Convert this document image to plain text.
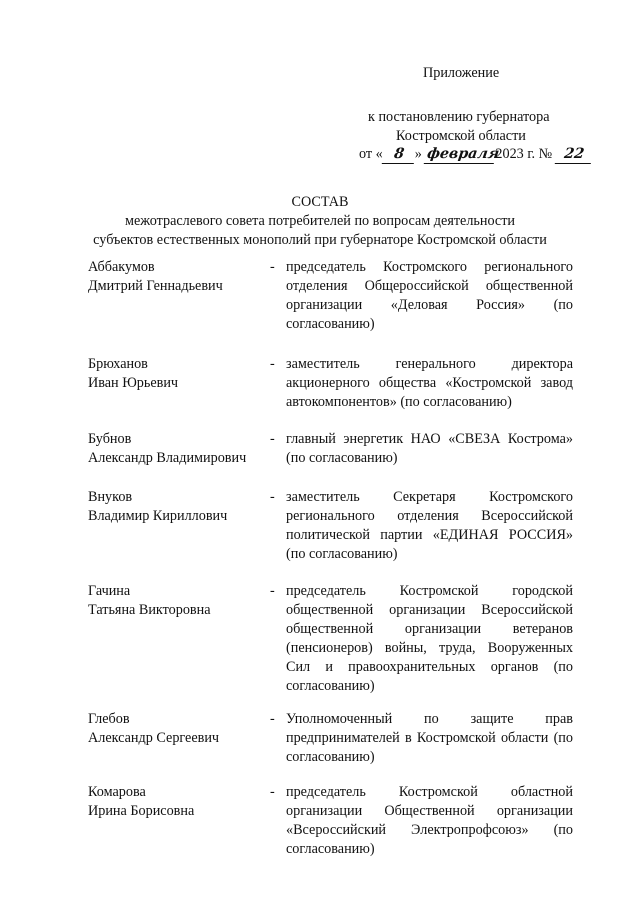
Приложение
к постановлению губернатора
Костромской области
от « 8 » февраля2023 г. № 22
СОСТАВ
межотраслевого совета потребителей по вопросам деятельности
субъектов естественных монополий при губернаторе Костромской области
Аббакумов
Дмитрий Геннадьевич
- председатель Костромского регионального отделения Общероссийской общественной организации «Деловая Россия» (по согласованию)
Брюханов
Иван Юрьевич
- заместитель генерального директора акционерного общества «Костромской завод автокомпонентов» (по согласованию)
Бубнов
Александр Владимирович
- главный энергетик НАО «СВЕЗА Кострома» (по согласованию)
Внуков
Владимир Кириллович
- заместитель Секретаря Костромского регионального отделения Всероссийской политической партии «ЕДИНАЯ РОССИЯ» (по согласованию)
Гачина
Татьяна Викторовна
- председатель Костромской городской общественной организации Всероссийской общественной организации ветеранов (пенсионеров) войны, труда, Вооруженных Сил и правоохранительных органов (по согласованию)
Глебов
Александр Сергеевич
- Уполномоченный по защите прав предпринимателей в Костромской области (по согласованию)
Комарова
Ирина Борисовна
- председатель Костромской областной организации Общественной организации «Всероссийский Электропрофсоюз» (по согласованию)
